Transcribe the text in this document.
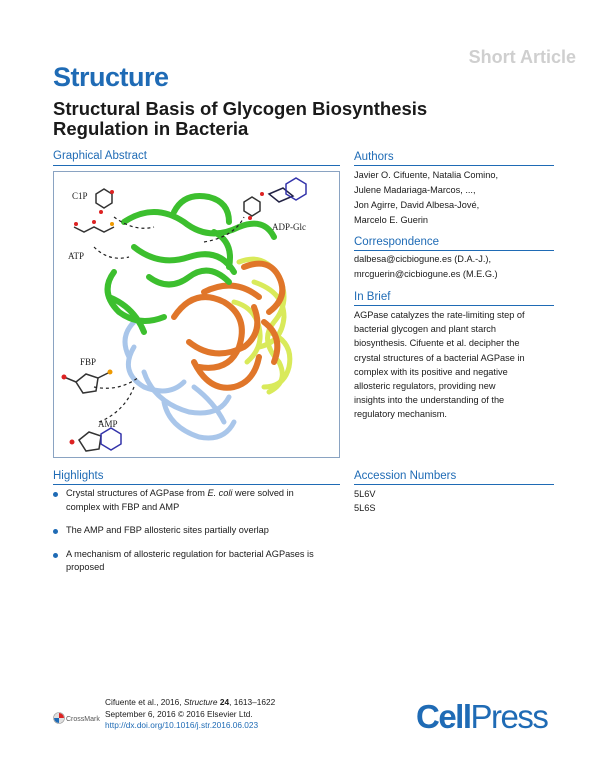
Short Article
Structure
Structural Basis of Glycogen Biosynthesis
Regulation in Bacteria
Graphical Abstract
C1P
ADP-Glc
ATP
FBP
AMP
Authors
Javier O. Cifuente, Natalia Comino,
Julene Madariaga-Marcos, ...,
Jon Agirre, David Albesa-Jové,
Marcelo E. Guerin
Correspondence
dalbesa@cicbiogune.es (D.A.-J.),
mrcguerin@cicbiogune.es (M.E.G.)
In Brief
AGPase catalyzes the rate-limiting step of
bacterial glycogen and plant starch
biosynthesis. Cifuente et al. decipher the
crystal structures of a bacterial AGPase in
complex with its positive and negative
allosteric regulators, providing new
insights into the understanding of the
regulatory mechanism.
Highlights
Crystal structures of AGPase from E. coli were solved in
complex with FBP and AMP
The AMP and FBP allosteric sites partially overlap
A mechanism of allosteric regulation for bacterial AGPases is
proposed
Accession Numbers
5L6V
5L6S
CrossMark
Cifuente et al., 2016, Structure 24, 1613–1622
September 6, 2016 © 2016 Elsevier Ltd.
http://dx.doi.org/10.1016/j.str.2016.06.023	CellPress
